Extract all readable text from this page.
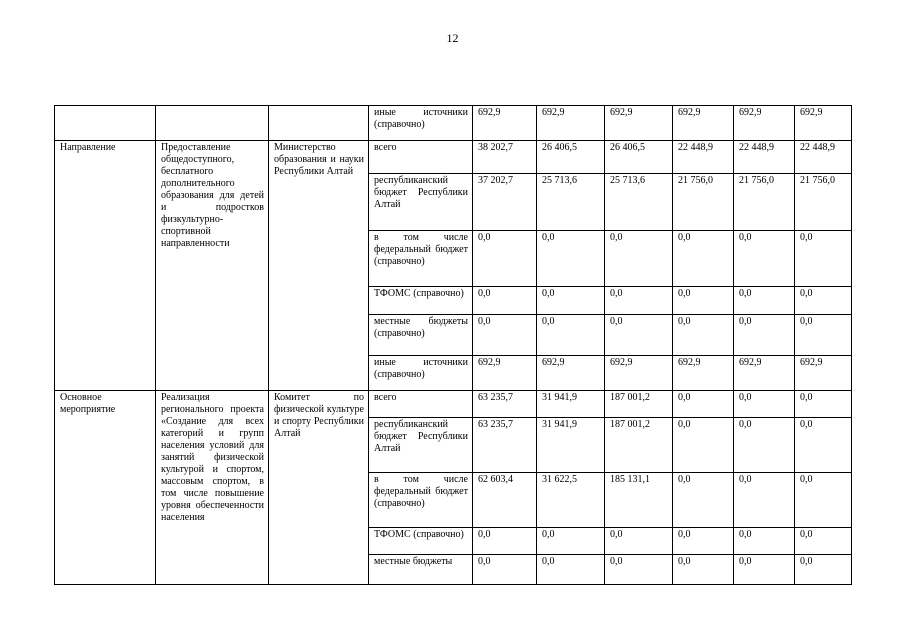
12
			иные источники (справочно)	692,9	692,9	692,9	692,9	692,9	692,9
Направление	Предоставление общедоступного, бесплатного дополнительного образования для детей и подростков физкультурно-спортивной направленности	Министерство образования и науки Республики Алтай	всего	38 202,7	26 406,5	26 406,5	22 448,9	22 448,9	22 448,9
			республиканский бюджет Республики Алтай	37 202,7	25 713,6	25 713,6	21 756,0	21 756,0	21 756,0
			в том числе федеральный бюджет (справочно)	0,0	0,0	0,0	0,0	0,0	0,0
			ТФОМС (справочно)	0,0	0,0	0,0	0,0	0,0	0,0
			местные бюджеты (справочно)	0,0	0,0	0,0	0,0	0,0	0,0
			иные источники (справочно)	692,9	692,9	692,9	692,9	692,9	692,9
Основное мероприятие	Реализация регионального проекта «Создание для всех категорий и групп населения условий для занятий физической культурой и спортом, массовым спортом, в том числе повышение уровня обеспеченности населения	Комитет по физической культуре и спорту Республики Алтай	всего	63 235,7	31 941,9	187 001,2	0,0	0,0	0,0
			республиканский бюджет Республики Алтай	63 235,7	31 941,9	187 001,2	0,0	0,0	0,0
			в том числе федеральный бюджет (справочно)	62 603,4	31 622,5	185 131,1	0,0	0,0	0,0
			ТФОМС (справочно)	0,0	0,0	0,0	0,0	0,0	0,0
			местные бюджеты	0,0	0,0	0,0	0,0	0,0	0,0
